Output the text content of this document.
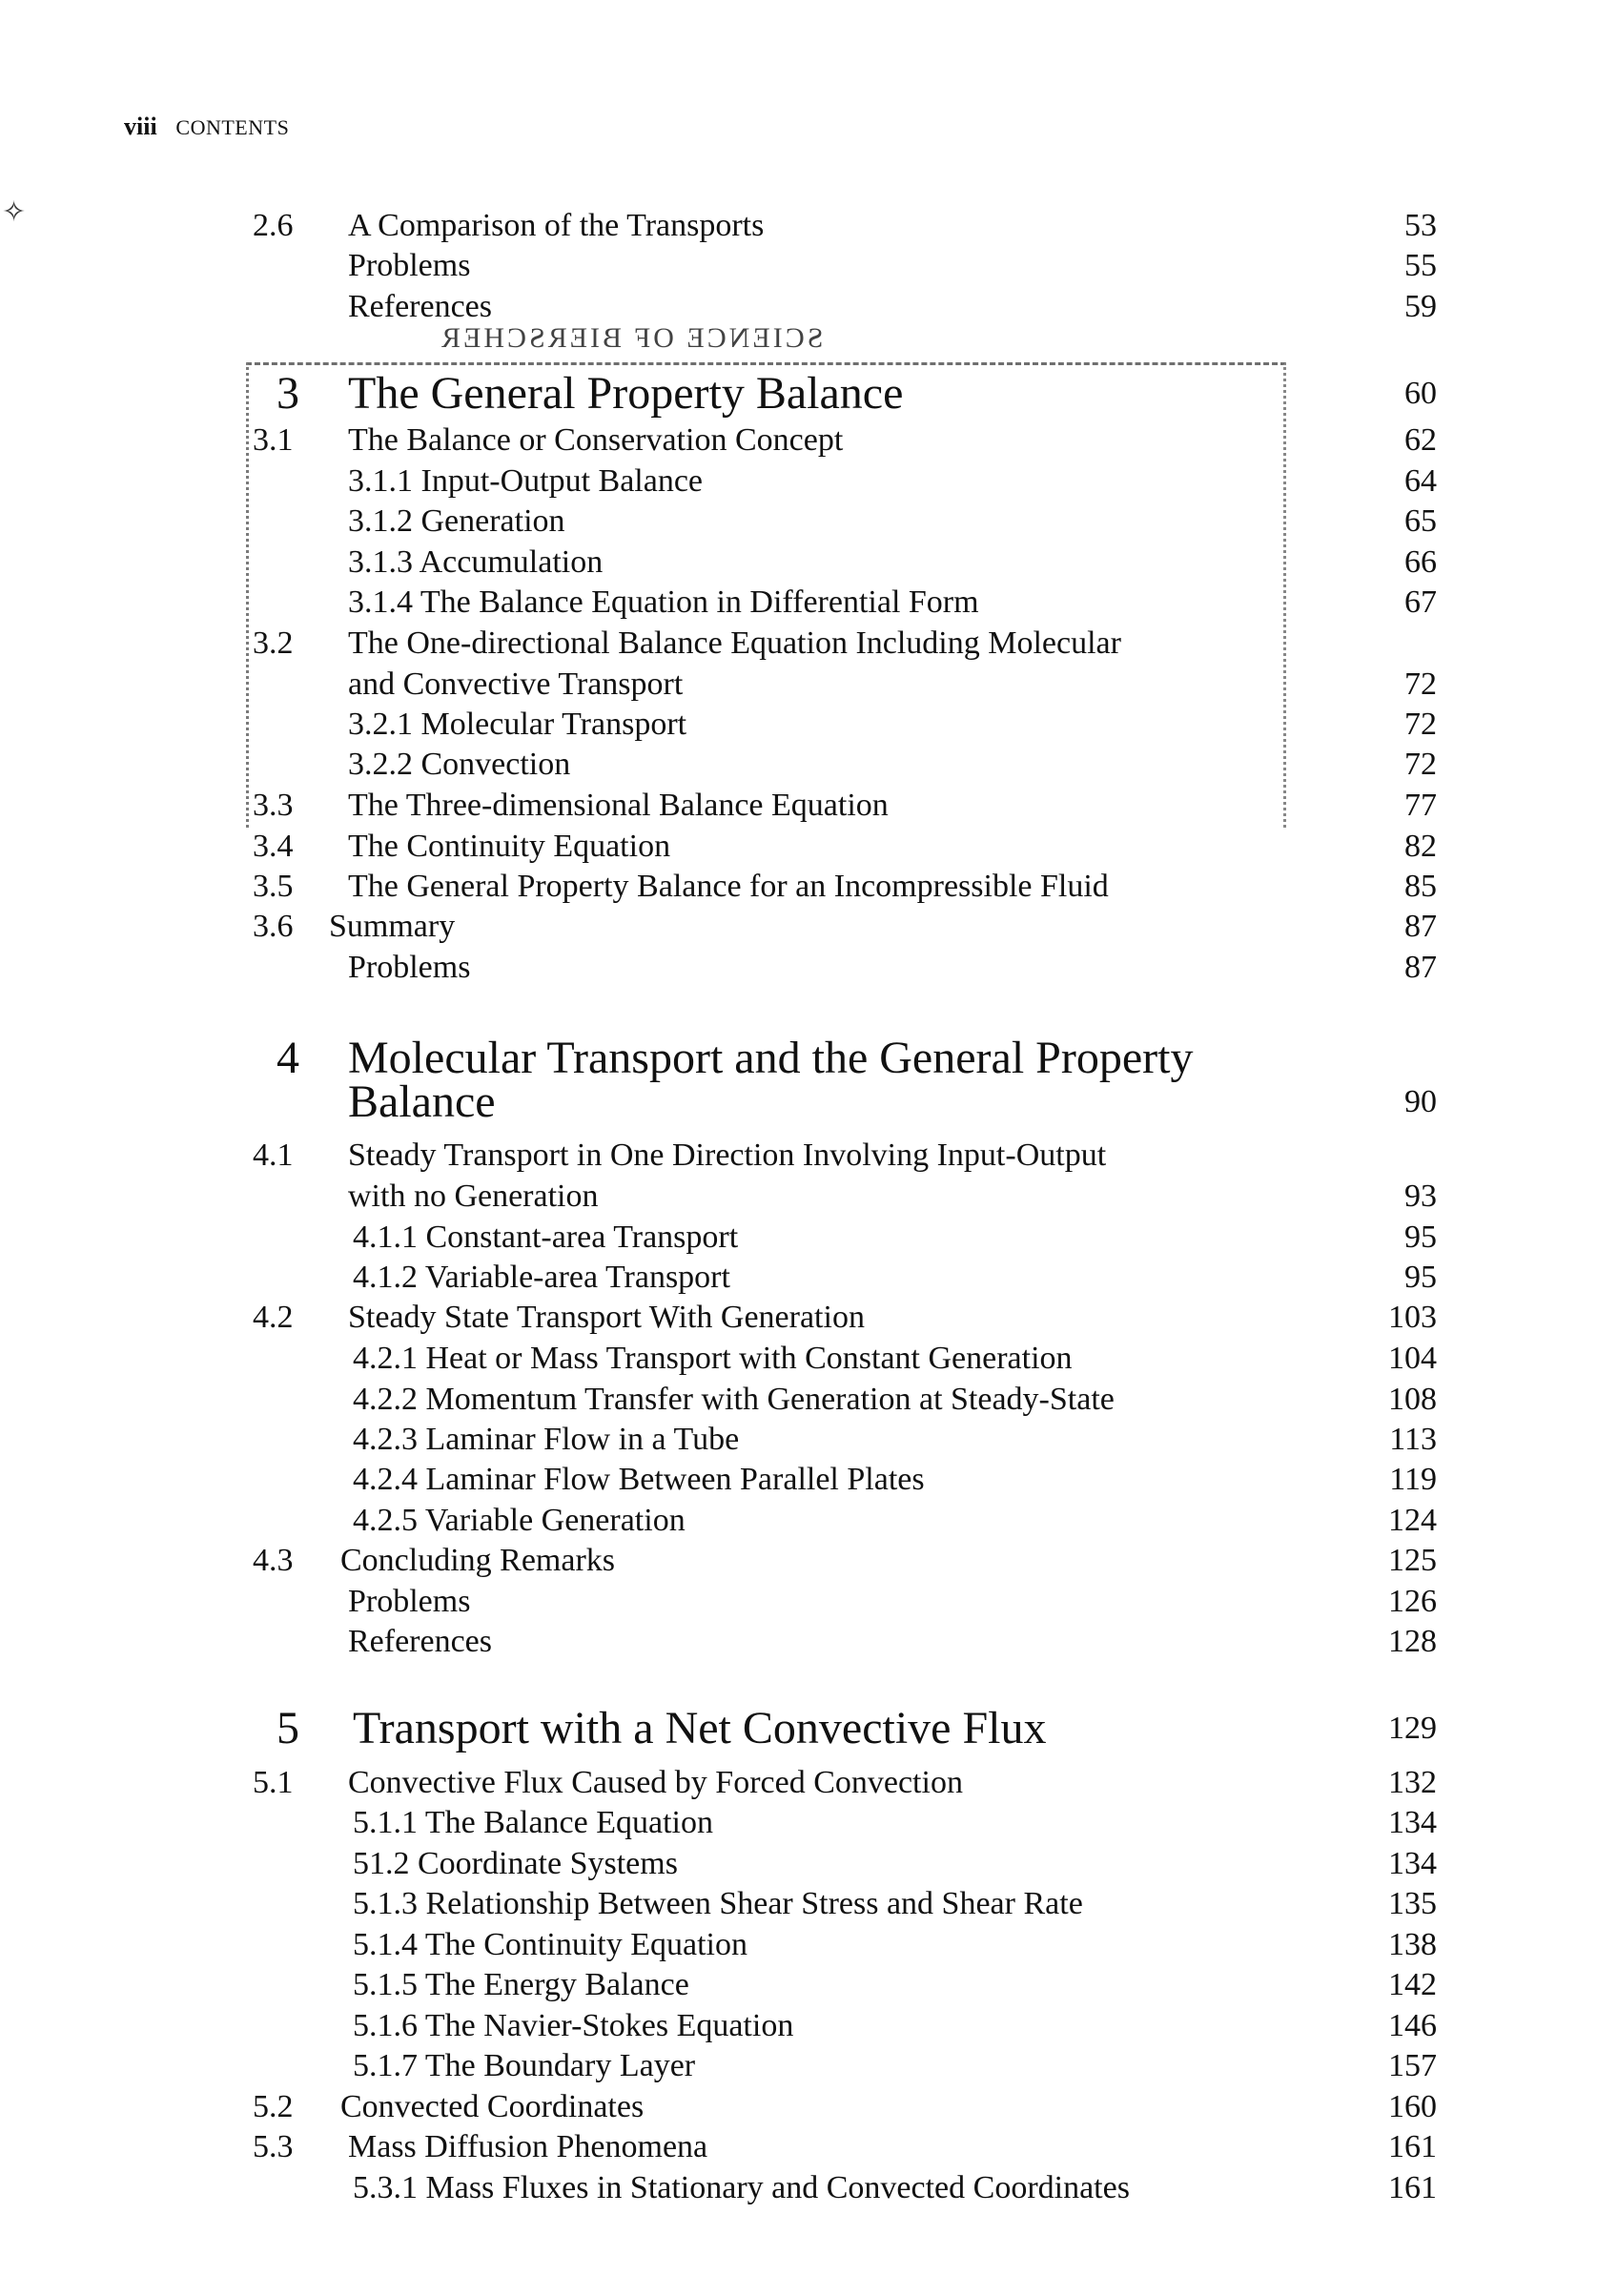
viii CONTENTS
✧
SCIENCE OF BIERSCHER
2.6 A Comparison of the Transports	53
Problems	55
References	59
3 The General Property Balance	60
3.1 The Balance or Conservation Concept	62
3.1.1 Input-Output Balance	64
3.1.2 Generation	65
3.1.3 Accumulation	66
3.1.4 The Balance Equation in Differential Form	67
3.2 The One-directional Balance Equation Including Molecular
and Convective Transport	72
3.2.1 Molecular Transport	72
3.2.2 Convection	72
3.3 The Three-dimensional Balance Equation	77
3.4 The Continuity Equation	82
3.5 The General Property Balance for an Incompressible Fluid	85
3.6 Summary	87
Problems	87
4 Molecular Transport and the General Property
Balance	90
4.1 Steady Transport in One Direction Involving Input-Output
with no Generation	93
4.1.1 Constant-area Transport	95
4.1.2 Variable-area Transport	95
4.2 Steady State Transport With Generation	103
4.2.1 Heat or Mass Transport with Constant Generation	104
4.2.2 Momentum Transfer with Generation at Steady-State	108
4.2.3 Laminar Flow in a Tube	113
4.2.4 Laminar Flow Between Parallel Plates	119
4.2.5 Variable Generation	124
4.3 Concluding Remarks	125
Problems	126
References	128
5 Transport with a Net Convective Flux	129
5.1 Convective Flux Caused by Forced Convection	132
5.1.1 The Balance Equation	134
51.2 Coordinate Systems	134
5.1.3 Relationship Between Shear Stress and Shear Rate	135
5.1.4 The Continuity Equation	138
5.1.5 The Energy Balance	142
5.1.6 The Navier-Stokes Equation	146
5.1.7 The Boundary Layer	157
5.2 Convected Coordinates	160
5.3 Mass Diffusion Phenomena	161
5.3.1 Mass Fluxes in Stationary and Convected Coordinates	161
